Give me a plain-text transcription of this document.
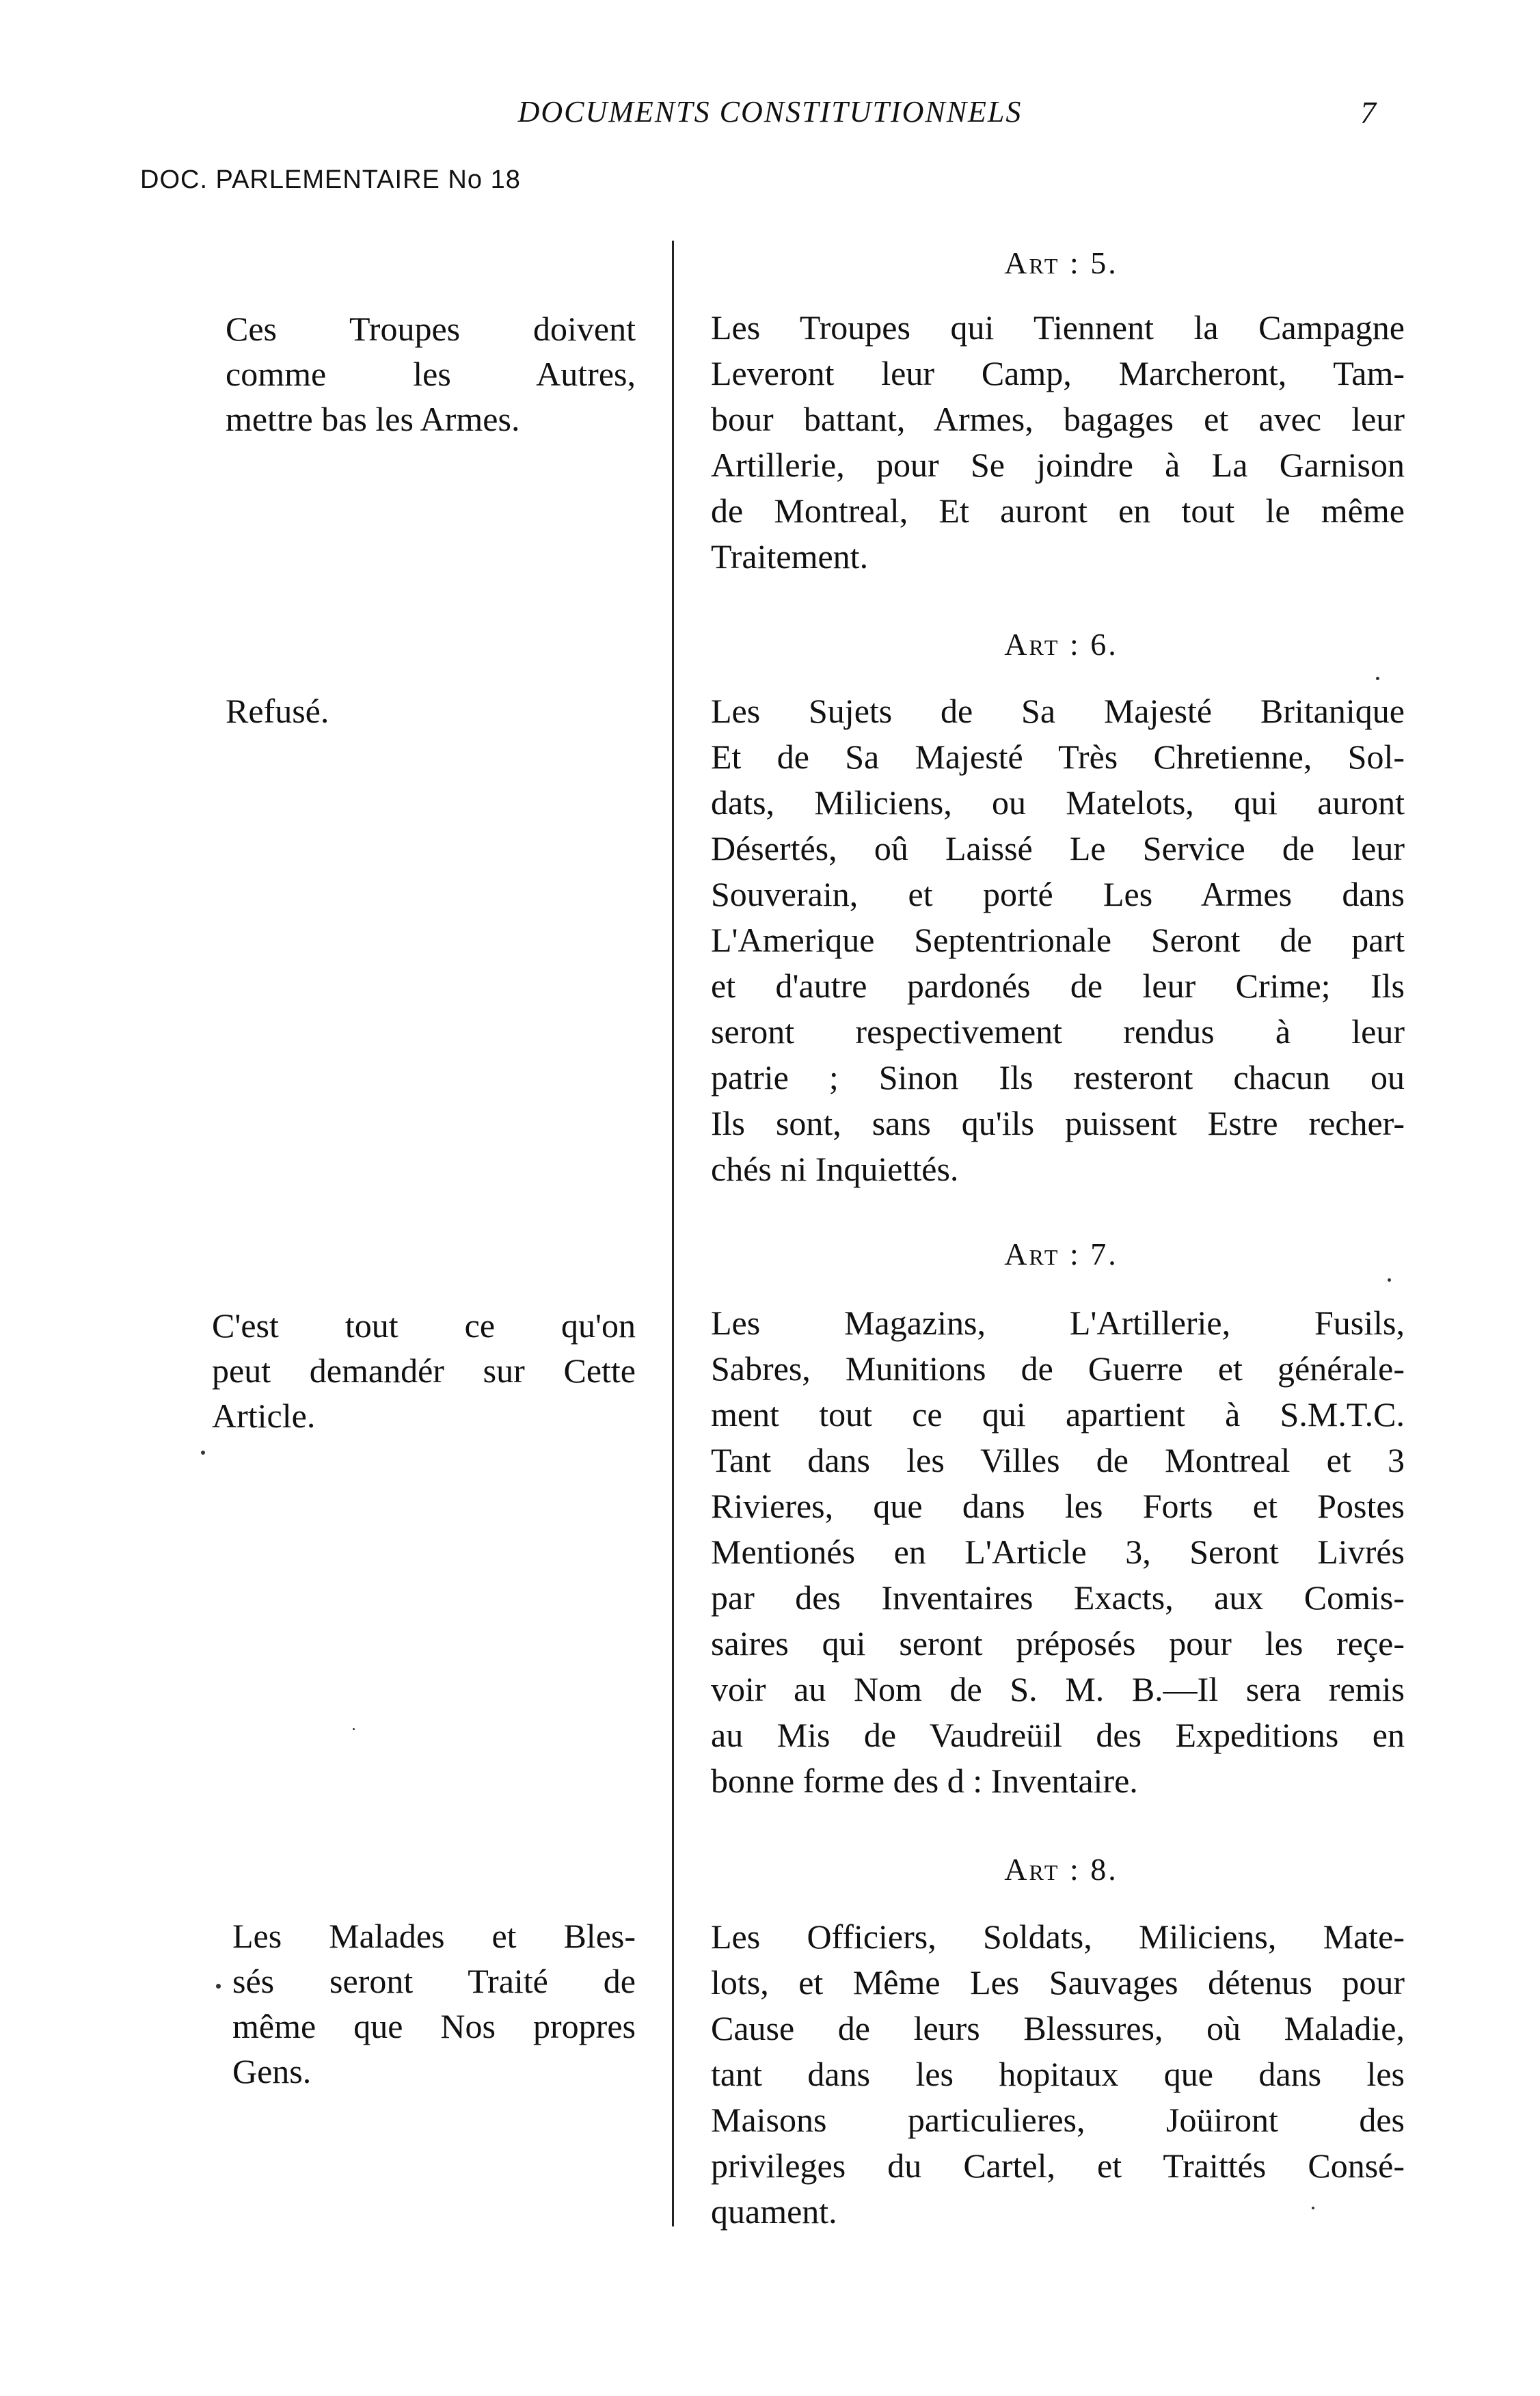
DOCUMENTS CONSTITUTIONNELS	7
DOC. PARLEMENTAIRE No 18
Art : 5.
Les Troupes qui Tiennent la Campagne
Leveront leur Camp, Marcheront, Tam-
bour battant, Armes, bagages et avec leur
Artillerie, pour Se joindre à La Garnison
de Montreal, Et auront en tout le même
Traitement.
Art : 6.
Les Sujets de Sa Majesté Britanique
Et de Sa Majesté Très Chretienne, Sol-
dats, Miliciens, ou Matelots, qui auront
Désertés, oû Laissé Le Service de leur
Souverain, et porté Les Armes dans
L'Amerique Septentrionale Seront de part
et d'autre pardonés de leur Crime; Ils
seront respectivement rendus à leur
patrie ; Sinon Ils resteront chacun ou
Ils sont, sans qu'ils puissent Estre recher-
chés ni Inquiettés.
Art : 7.
Les Magazins, L'Artillerie, Fusils,
Sabres, Munitions de Guerre et générale-
ment tout ce qui apartient à S.M.T.C.
Tant dans les Villes de Montreal et 3
Rivieres, que dans les Forts et Postes
Mentionés en L'Article 3, Seront Livrés
par des Inventaires Exacts, aux Comis-
saires qui seront préposés pour les reçe-
voir au Nom de S. M. B.—Il sera remis
au Mis de Vaudreüil des Expeditions en
bonne forme des d : Inventaire.
Art : 8.
Les Officiers, Soldats, Miliciens, Mate-
lots, et Même Les Sauvages détenus pour
Cause de leurs Blessures, où Maladie,
tant dans les hopitaux que dans les
Maisons particulieres, Joüiront des
privileges du Cartel, et Traittés Consé-
quament.
Ces Troupes doivent
comme les Autres,
mettre bas les Armes.
Refusé.
C'est tout ce qu'on
peut demandér sur Cette
Article.
Les Malades et Bles-
sés seront Traité de
même que Nos propres
Gens.
